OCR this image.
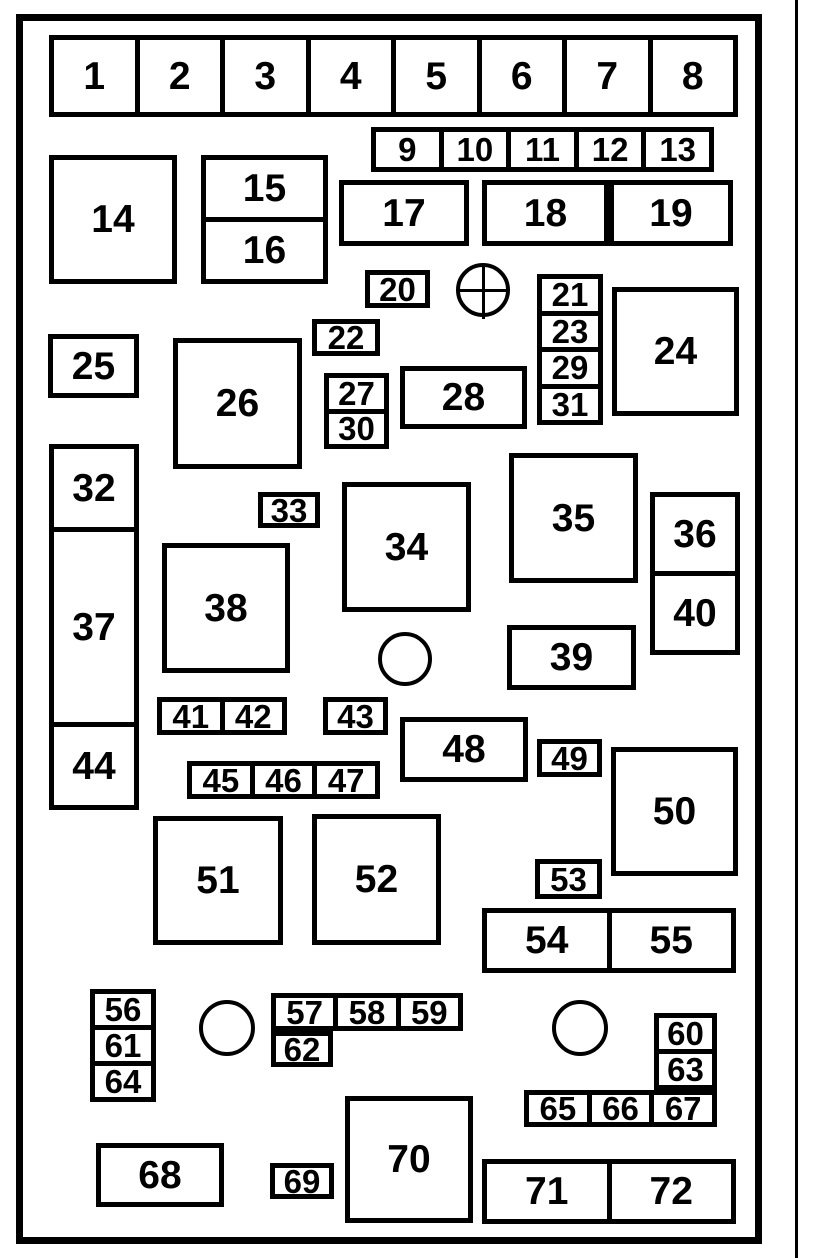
1	2	3	4	5	6	7	8
9	10 11 12 13
15
16
21
23
29
31
27
30
32
37
44
36
40
41 42
45 46 47
54	55
56
61
64
57 58 59
60
63
65 66 67
71	72
14	17	18	19
20
22	24
25
26	28
33
34
35
38
39
43
48	49
50
51	52	53
62
68	69	70
